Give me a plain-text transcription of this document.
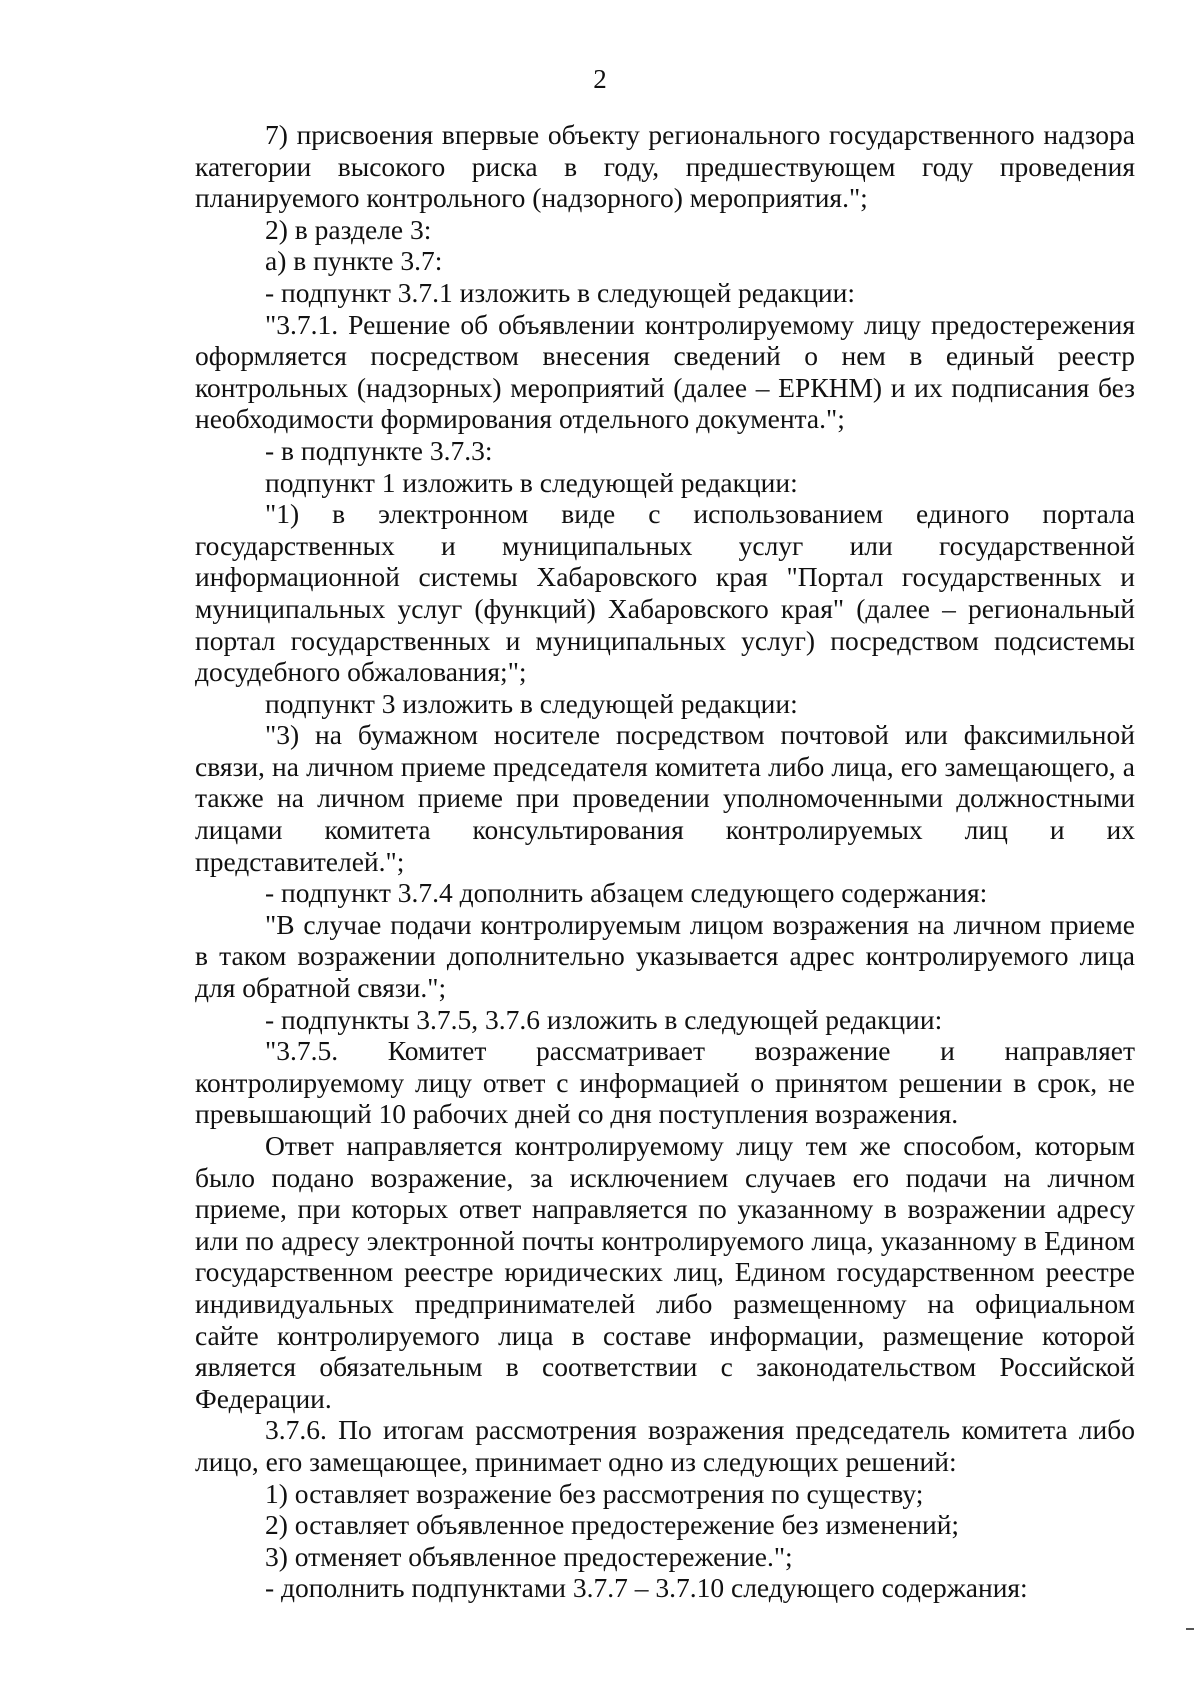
2

7) присвоения впервые объекту регионального государственного надзора категории высокого риска в году, предшествующем году проведения планируемого контрольного (надзорного) мероприятия.";

2) в разделе 3:

а) в пункте 3.7:

- подпункт 3.7.1 изложить в следующей редакции:

"3.7.1. Решение об объявлении контролируемому лицу предостережения оформляется посредством внесения сведений о нем в единый реестр контрольных (надзорных) мероприятий (далее – ЕРКНМ) и их подписания без необходимости формирования отдельного документа.";

- в подпункте 3.7.3:

подпункт 1 изложить в следующей редакции:

"1) в электронном виде с использованием единого портала государственных и муниципальных услуг или государственной информационной системы Хабаровского края "Портал государственных и муниципальных услуг (функций) Хабаровского края" (далее – региональный портал государственных и муниципальных услуг) посредством подсистемы досудебного обжалования;";

подпункт 3 изложить в следующей редакции:

"3) на бумажном носителе посредством почтовой или факсимильной связи, на личном приеме председателя комитета либо лица, его замещающего, а также на личном приеме при проведении уполномоченными должностными лицами комитета консультирования контролируемых лиц и их представителей.";

- подпункт 3.7.4 дополнить абзацем следующего содержания:

"В случае подачи контролируемым лицом возражения на личном приеме в таком возражении дополнительно указывается адрес контролируемого лица для обратной связи.";

- подпункты 3.7.5, 3.7.6 изложить в следующей редакции:

"3.7.5. Комитет рассматривает возражение и направляет контролируемому лицу ответ с информацией о принятом решении в срок, не превышающий 10 рабочих дней со дня поступления возражения.

Ответ направляется контролируемому лицу тем же способом, которым было подано возражение, за исключением случаев его подачи на личном приеме, при которых ответ направляется по указанному в возражении адресу или по адресу электронной почты контролируемого лица, указанному в Едином государственном реестре юридических лиц, Едином государственном реестре индивидуальных предпринимателей либо размещенному на официальном сайте контролируемого лица в составе информации, размещение которой является обязательным в соответствии с законодательством Российской Федерации.

3.7.6. По итогам рассмотрения возражения председатель комитета либо лицо, его замещающее, принимает одно из следующих решений:

1) оставляет возражение без рассмотрения по существу;

2) оставляет объявленное предостережение без изменений;

3) отменяет объявленное предостережение.";

- дополнить подпунктами 3.7.7 – 3.7.10 следующего содержания:
